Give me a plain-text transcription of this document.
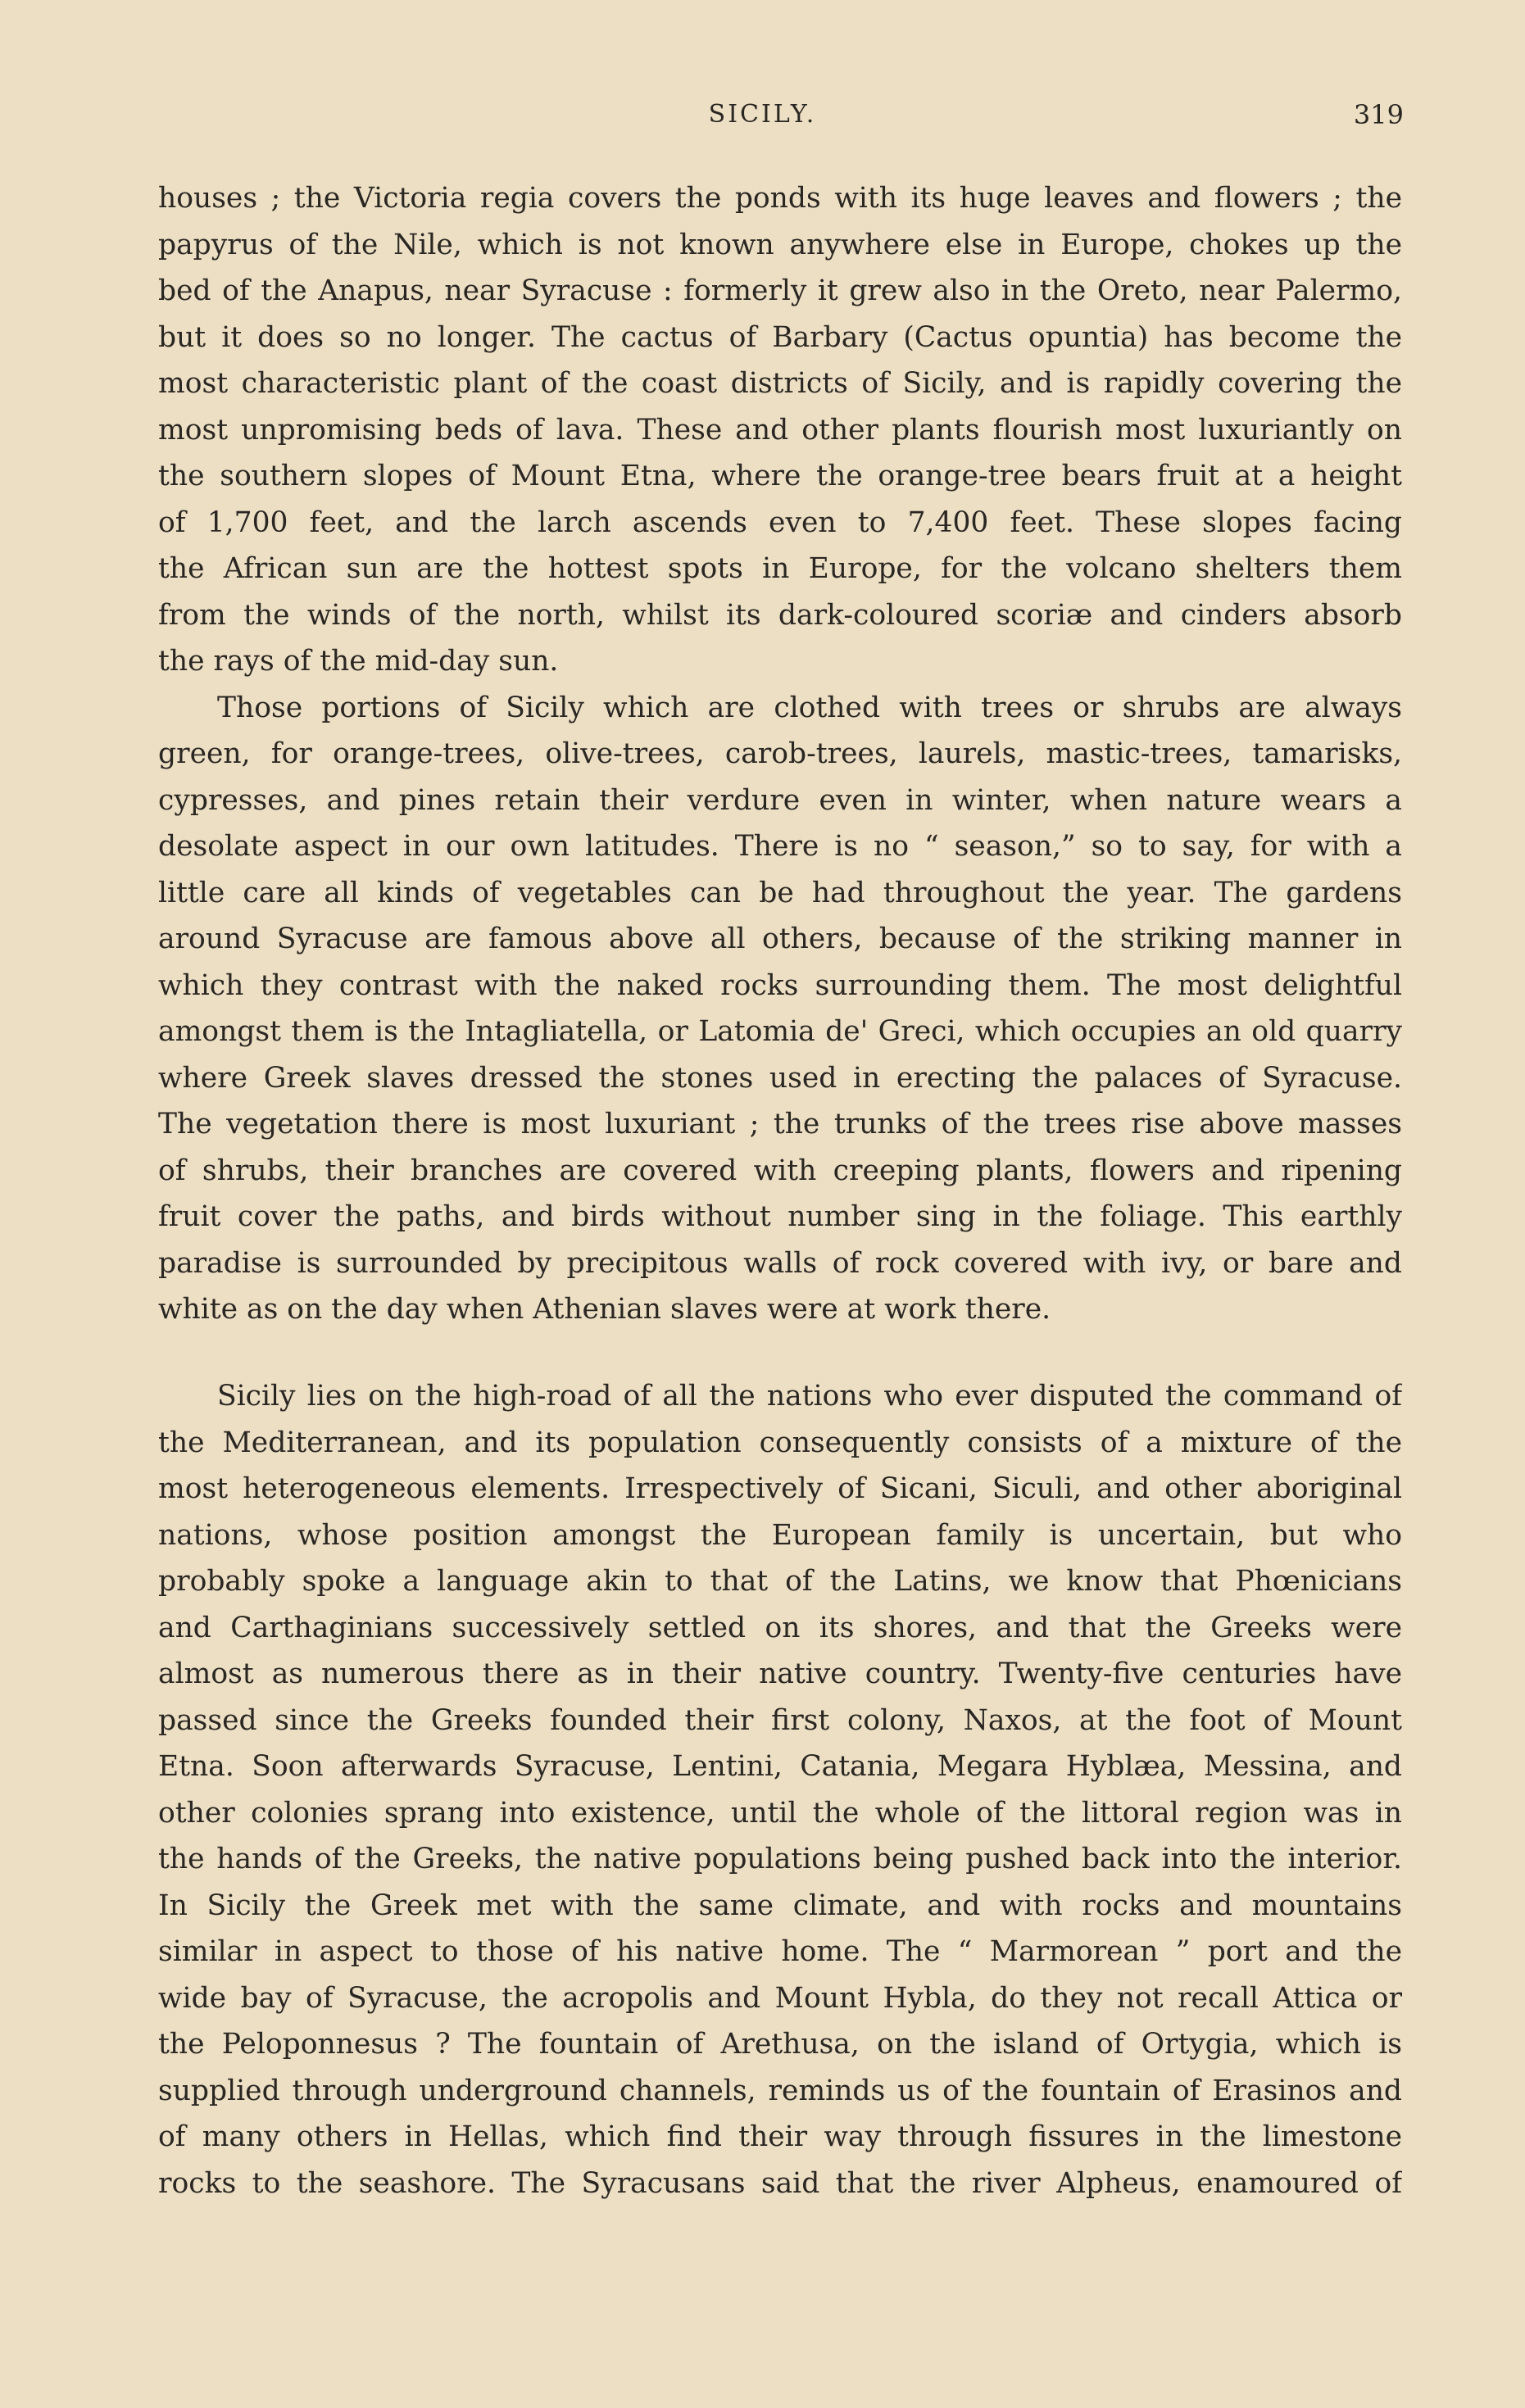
SICILY.	319
houses ; the Victoria regia covers the ponds with its huge leaves and flowers ; the
papyrus of the Nile, which is not known anywhere else in Europe, chokes up the
bed of the Anapus, near Syracuse : formerly it grew also in the Oreto, near Palermo,
but it does so no longer. The cactus of Barbary (Cactus opuntia) has become the
most characteristic plant of the coast districts of Sicily, and is rapidly covering the
most unpromising beds of lava. These and other plants flourish most luxuriantly on
the southern slopes of Mount Etna, where the orange-tree bears fruit at a height
of 1,700 feet, and the larch ascends even to 7,400 feet. These slopes facing
the African sun are the hottest spots in Europe, for the volcano shelters them
from the winds of the north, whilst its dark-coloured scoriæ and cinders absorb
the rays of the mid-day sun.
Those portions of Sicily which are clothed with trees or shrubs are always
green, for orange-trees, olive-trees, carob-trees, laurels, mastic-trees, tamarisks,
cypresses, and pines retain their verdure even in winter, when nature wears a
desolate aspect in our own latitudes. There is no “ season,” so to say, for with a
little care all kinds of vegetables can be had throughout the year. The gardens
around Syracuse are famous above all others, because of the striking manner in
which they contrast with the naked rocks surrounding them. The most delightful
amongst them is the Intagliatella, or Latomia de' Greci, which occupies an old quarry
where Greek slaves dressed the stones used in erecting the palaces of Syracuse.
The vegetation there is most luxuriant ; the trunks of the trees rise above masses
of shrubs, their branches are covered with creeping plants, flowers and ripening
fruit cover the paths, and birds without number sing in the foliage. This earthly
paradise is surrounded by precipitous walls of rock covered with ivy, or bare and
white as on the day when Athenian slaves were at work there.
Sicily lies on the high-road of all the nations who ever disputed the command of
the Mediterranean, and its population consequently consists of a mixture of the
most heterogeneous elements. Irrespectively of Sicani, Siculi, and other aboriginal
nations, whose position amongst the European family is uncertain, but who
probably spoke a language akin to that of the Latins, we know that Phœnicians
and Carthaginians successively settled on its shores, and that the Greeks were
almost as numerous there as in their native country. Twenty-five centuries have
passed since the Greeks founded their first colony, Naxos, at the foot of Mount
Etna. Soon afterwards Syracuse, Lentini, Catania, Megara Hyblæa, Messina, and
other colonies sprang into existence, until the whole of the littoral region was in
the hands of the Greeks, the native populations being pushed back into the interior.
In Sicily the Greek met with the same climate, and with rocks and mountains
similar in aspect to those of his native home. The “ Marmorean ” port and the
wide bay of Syracuse, the acropolis and Mount Hybla, do they not recall Attica or
the Peloponnesus ? The fountain of Arethusa, on the island of Ortygia, which is
supplied through underground channels, reminds us of the fountain of Erasinos and
of many others in Hellas, which find their way through fissures in the limestone
rocks to the seashore. The Syracusans said that the river Alpheus, enamoured of
